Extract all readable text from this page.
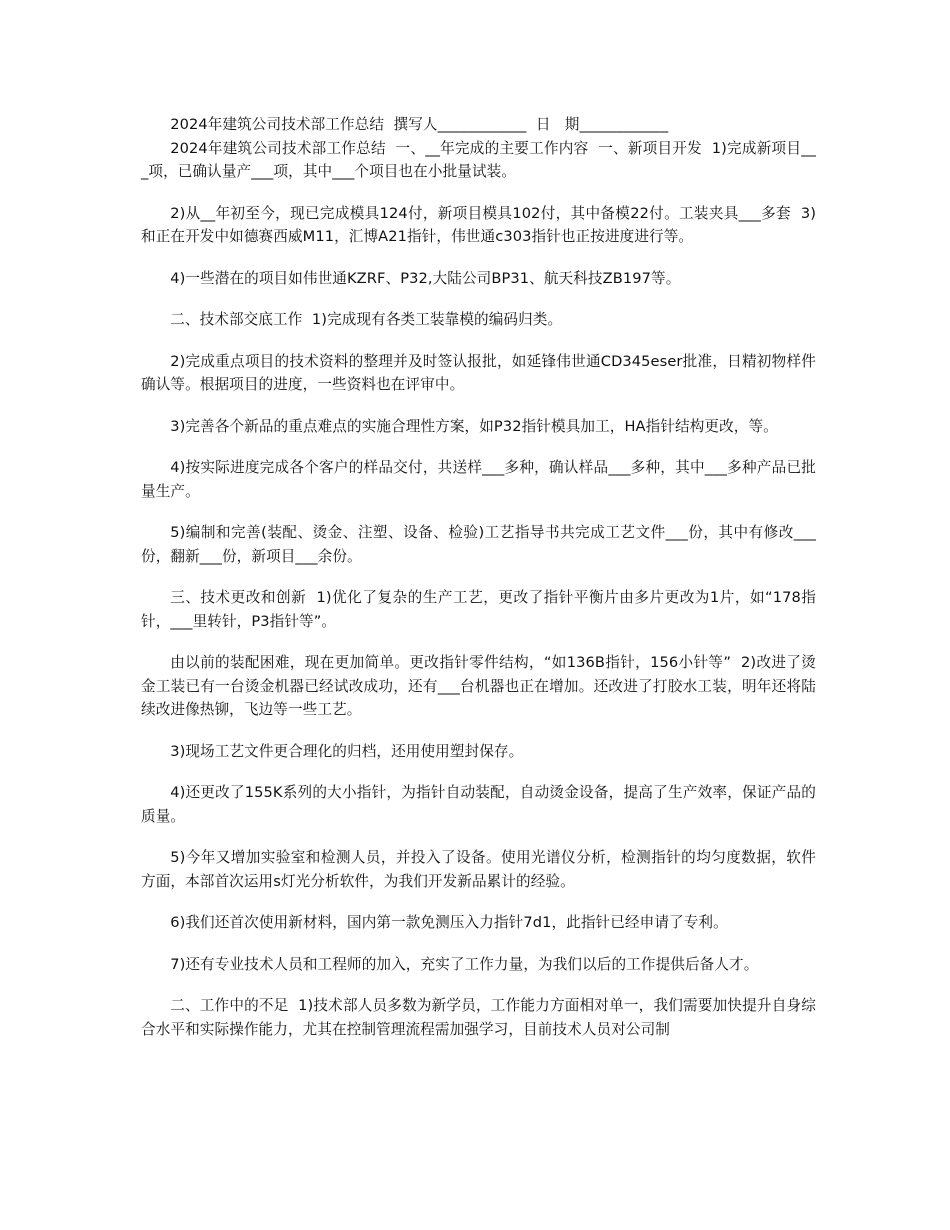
2024年建筑公司技术部工作总结  撰写人____________  日   期____________

2024年建筑公司技术部工作总结  一、__年完成的主要工作内容  一、新项目开发  1)完成新项目___项，已确认量产___项，其中___个项目也在小批量试装。

2)从__年初至今，现已完成模具124付，新项目模具102付，其中备模22付。工装夹具___多套  3)和正在开发中如德赛西威M11，汇博A21指针，伟世通c303指针也正按进度进行等。

4)一些潜在的项目如伟世通KZRF、P32,大陆公司BP31、航天科技ZB197等。

二、技术部交底工作  1)完成现有各类工装靠模的编码归类。

2)完成重点项目的技术资料的整理并及时签认报批，如延锋伟世通CD345eser批准，日精初物样件确认等。根据项目的进度，一些资料也在评审中。

3)完善各个新品的重点难点的实施合理性方案，如P32指针模具加工，HA指针结构更改，等。

4)按实际进度完成各个客户的样品交付，共送样___多种，确认样品___多种，其中___多种产品已批量生产。

5)编制和完善(装配、烫金、注塑、设备、检验)工艺指导书共完成工艺文件___份，其中有修改___份，翻新___份，新项目___余份。

三、技术更改和创新  1)优化了复杂的生产工艺，更改了指针平衡片由多片更改为1片，如“178指针，___里转针，P3指针等”。

由以前的装配困难，现在更加简单。更改指针零件结构，“如136B指针，156小针等”  2)改进了烫金工装已有一台烫金机器已经试改成功，还有___台机器也正在增加。还改进了打胶水工装，明年还将陆续改进像热铆，飞边等一些工艺。

3)现场工艺文件更合理化的归档，还用使用塑封保存。

4)还更改了155K系列的大小指针，为指针自动装配，自动烫金设备，提高了生产效率，保证产品的质量。

5)今年又增加实验室和检测人员，并投入了设备。使用光谱仪分析，检测指针的均匀度数据，软件方面，本部首次运用s灯光分析软件，为我们开发新品累计的经验。

6)我们还首次使用新材料，国内第一款免测压入力指针7d1，此指针已经申请了专利。

7)还有专业技术人员和工程师的加入，充实了工作力量，为我们以后的工作提供后备人才。

二、工作中的不足  1)技术部人员多数为新学员，工作能力方面相对单一，我们需要加快提升自身综合水平和实际操作能力，尤其在控制管理流程需加强学习，目前技术人员对公司制
